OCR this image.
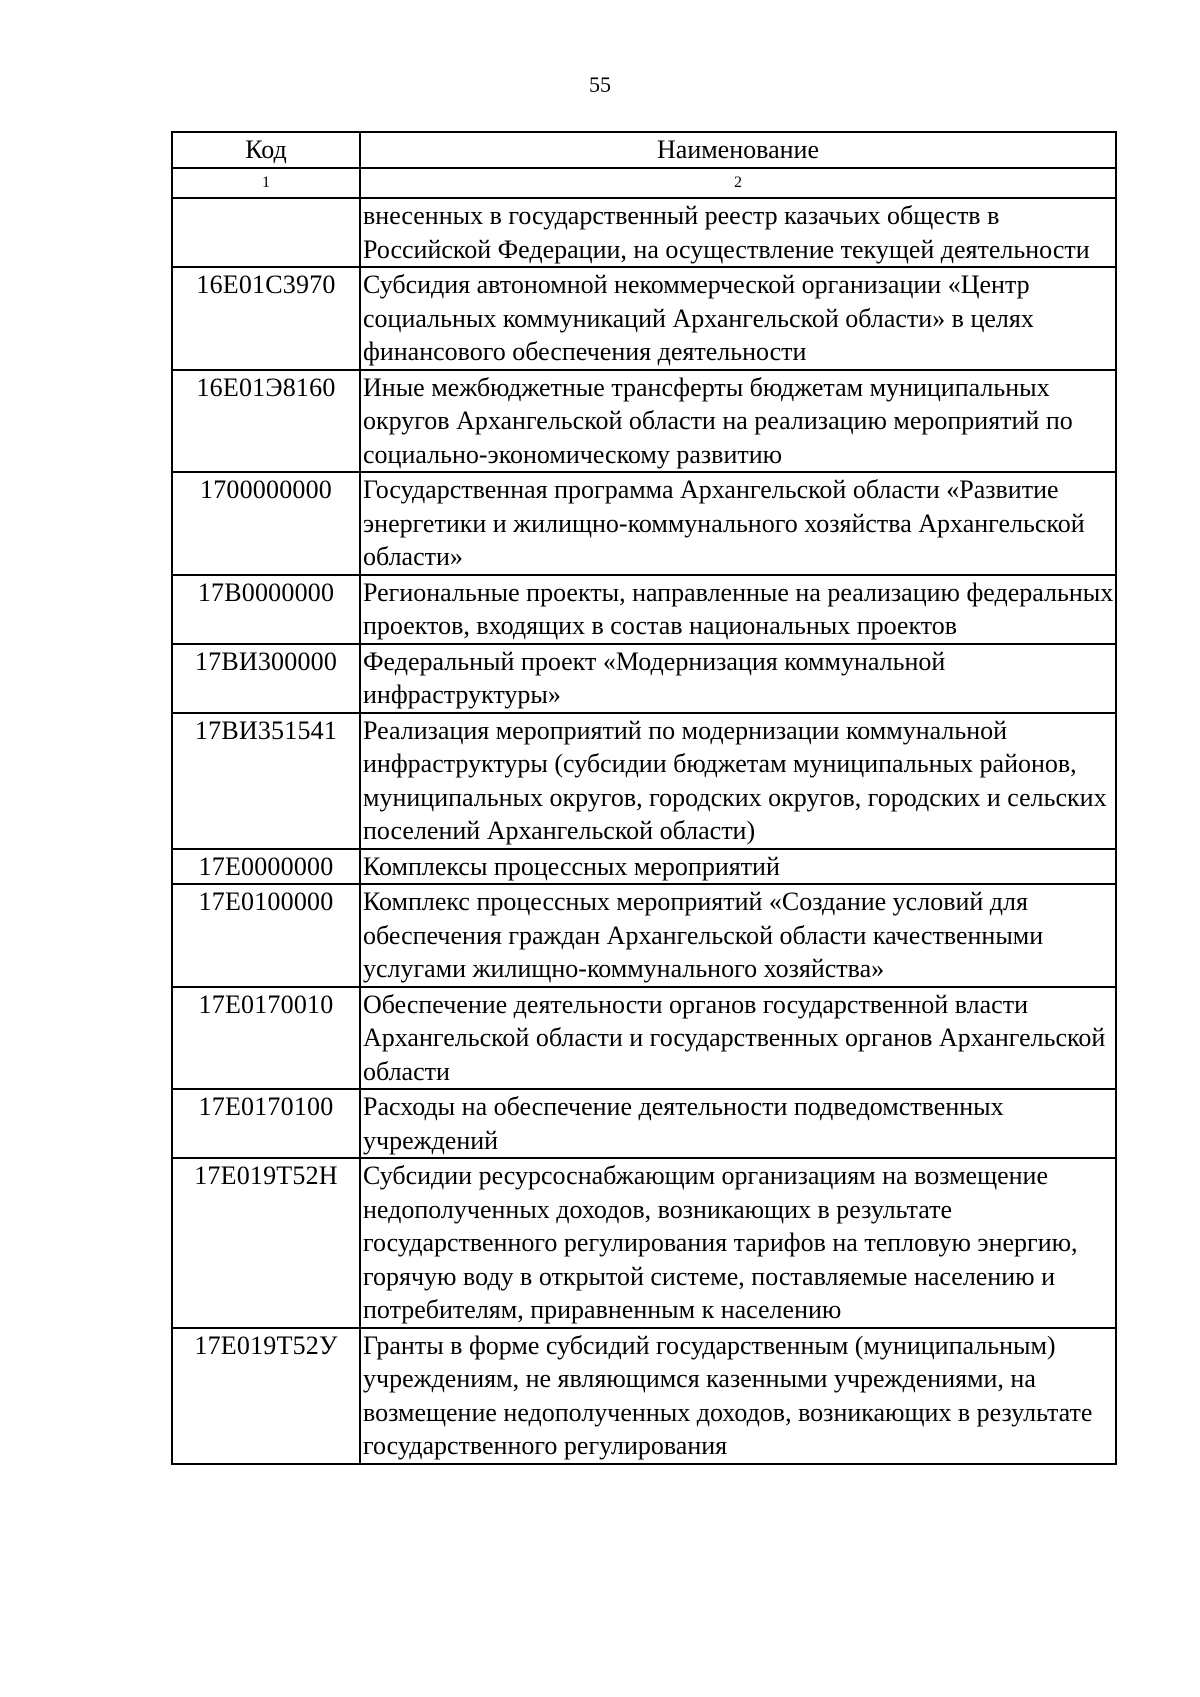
55
Код	Наименование
1	2
	внесенных в государственный реестр казачьих обществ в Российской Федерации, на осуществление текущей деятельности
16Е01С3970	Субсидия автономной некоммерческой организации «Центр социальных коммуникаций Архангельской области» в целях финансового обеспечения деятельности
16Е01Э8160	Иные межбюджетные трансферты бюджетам муниципальных округов Архангельской области на реализацию мероприятий по социально-экономическому развитию
1700000000	Государственная программа Архангельской области «Развитие энергетики и жилищно-коммунального хозяйства Архангельской области»
17В0000000	Региональные проекты, направленные на реализацию федеральных проектов, входящих в состав национальных проектов
17ВИ300000	Федеральный проект «Модернизация коммунальной инфраструктуры»
17ВИ351541	Реализация мероприятий по модернизации коммунальной инфраструктуры (субсидии бюджетам муниципальных районов, муниципальных округов, городских округов, городских и сельских поселений Архангельской области)
17Е0000000	Комплексы процессных мероприятий
17Е0100000	Комплекс процессных мероприятий «Создание условий для обеспечения граждан Архангельской области качественными услугами жилищно-коммунального хозяйства»
17Е0170010	Обеспечение деятельности органов государственной власти Архангельской области и государственных органов Архангельской области
17Е0170100	Расходы на обеспечение деятельности подведомственных учреждений
17Е019Т52Н	Субсидии ресурсоснабжающим организациям на возмещение недополученных доходов, возникающих в результате государственного регулирования тарифов на тепловую энергию, горячую воду в открытой системе, поставляемые населению и потребителям, приравненным к населению
17Е019Т52У	Гранты в форме субсидий государственным (муниципальным) учреждениям, не являющимся казенными учреждениями, на возмещение недополученных доходов, возникающих в результате государственного регулирования
